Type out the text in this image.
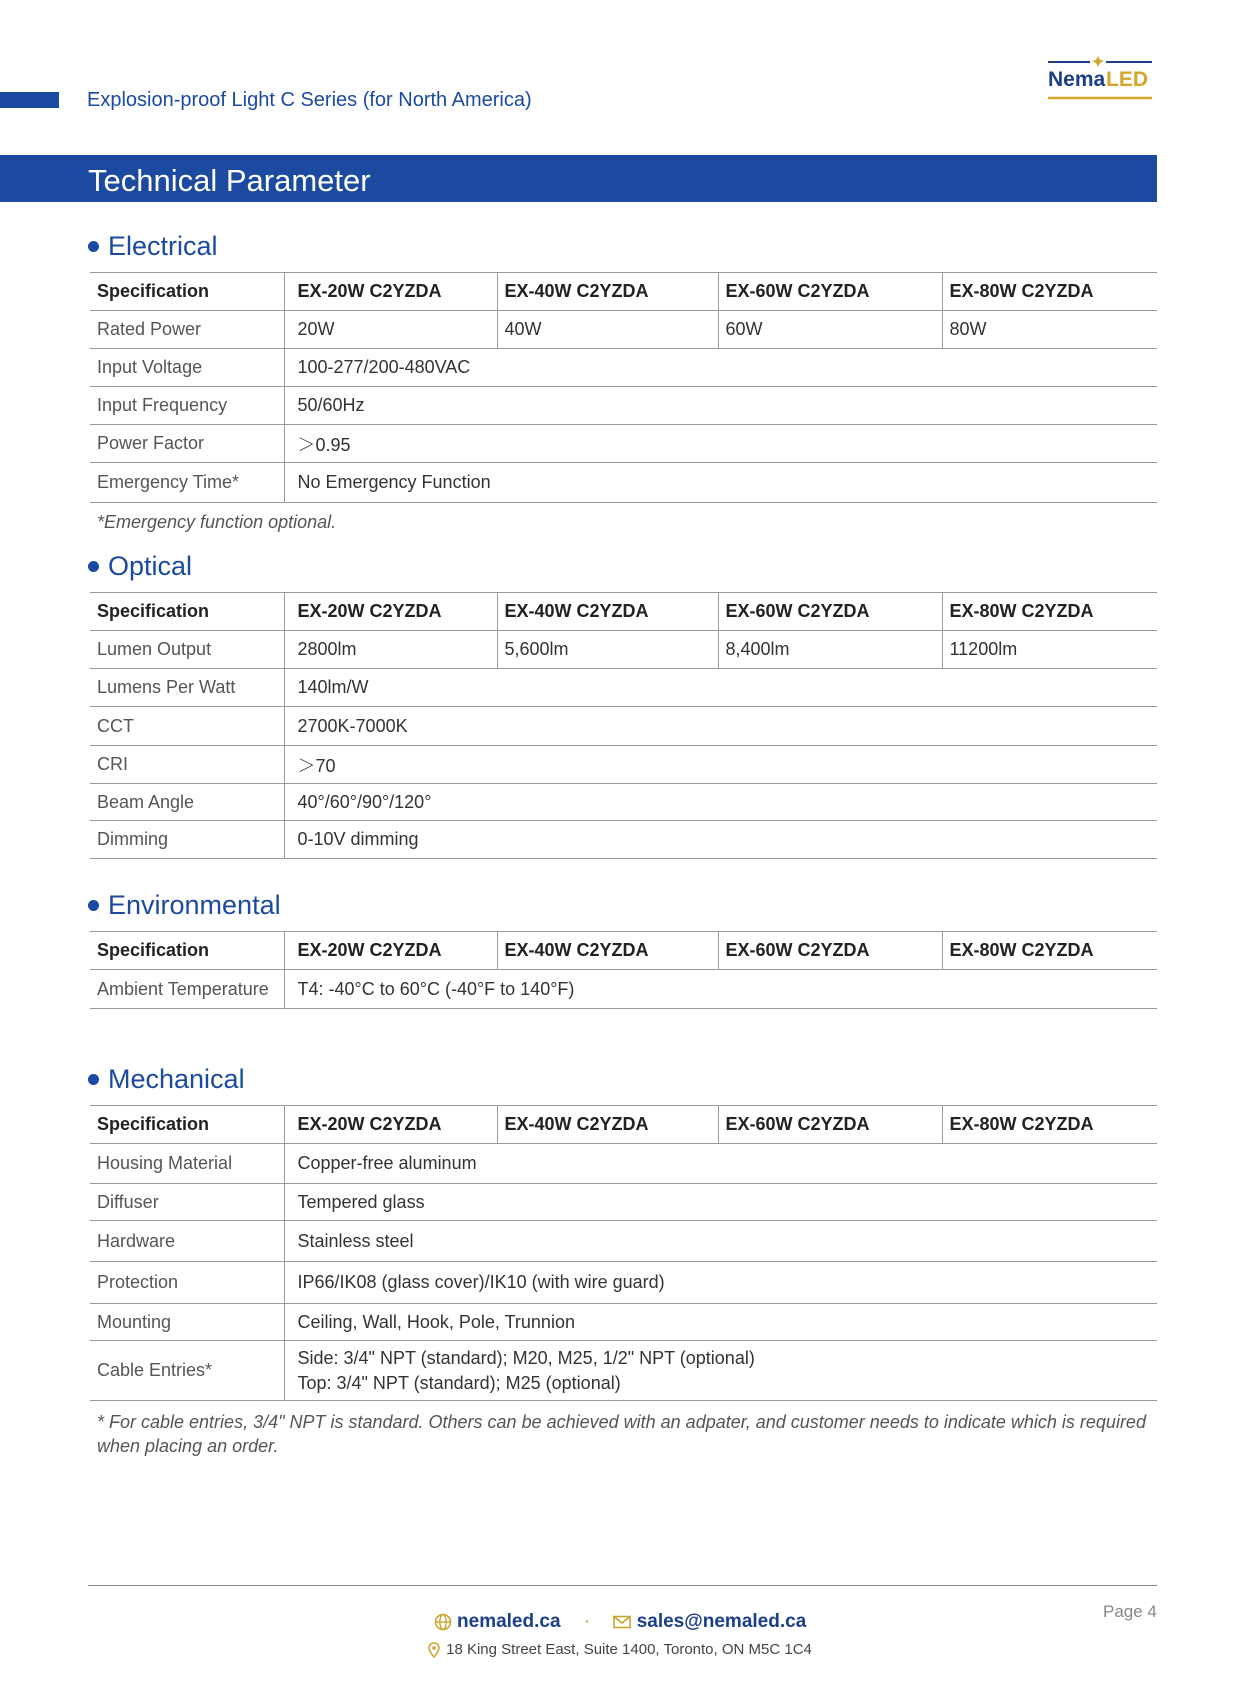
Explosion-proof Light C Series (for North America)
Nema LED
Technical Parameter
Electrical
Specification	EX-20W C2YZDA	EX-40W C2YZDA	EX-60W C2YZDA	EX-80W C2YZDA
Rated Power	20W	40W	60W	80W
Input Voltage	100-277/200-480VAC			
Input Frequency	50/60Hz			
Power Factor	＞0.95			
Emergency Time*	No Emergency Function			
*Emergency function optional.
Optical
Specification	EX-20W C2YZDA	EX-40W C2YZDA	EX-60W C2YZDA	EX-80W C2YZDA
Lumen Output	2800lm	5,600lm	8,400lm	11200lm
Lumens Per Watt	140lm/W			
CCT	2700K-7000K			
CRI	＞70			
Beam Angle	40°/60°/90°/120°			
Dimming	0-10V dimming			
Environmental
Specification	EX-20W C2YZDA	EX-40W C2YZDA	EX-60W C2YZDA	EX-80W C2YZDA
Ambient Temperature	T4: -40°C to 60°C (-40°F to 140°F)			
Mechanical
Specification	EX-20W C2YZDA	EX-40W C2YZDA	EX-60W C2YZDA	EX-80W C2YZDA
Housing Material	Copper-free aluminum			
Diffuser	Tempered glass			
Hardware	Stainless steel			
Protection	IP66/IK08 (glass cover)/IK10 (with wire guard)			
Mounting	Ceiling, Wall, Hook, Pole, Trunnion			
Cable Entries*	Side: 3/4" NPT (standard); M20, M25, 1/2" NPT (optional)
Top: 3/4" NPT (standard); M25 (optional)			
* For cable entries, 3/4" NPT is standard. Others can be achieved with an adpater, and customer needs to indicate which is required when placing an order.
Page 4
nemaled.ca · sales@nemaled.ca
18 King Street East, Suite 1400, Toronto, ON M5C 1C4
